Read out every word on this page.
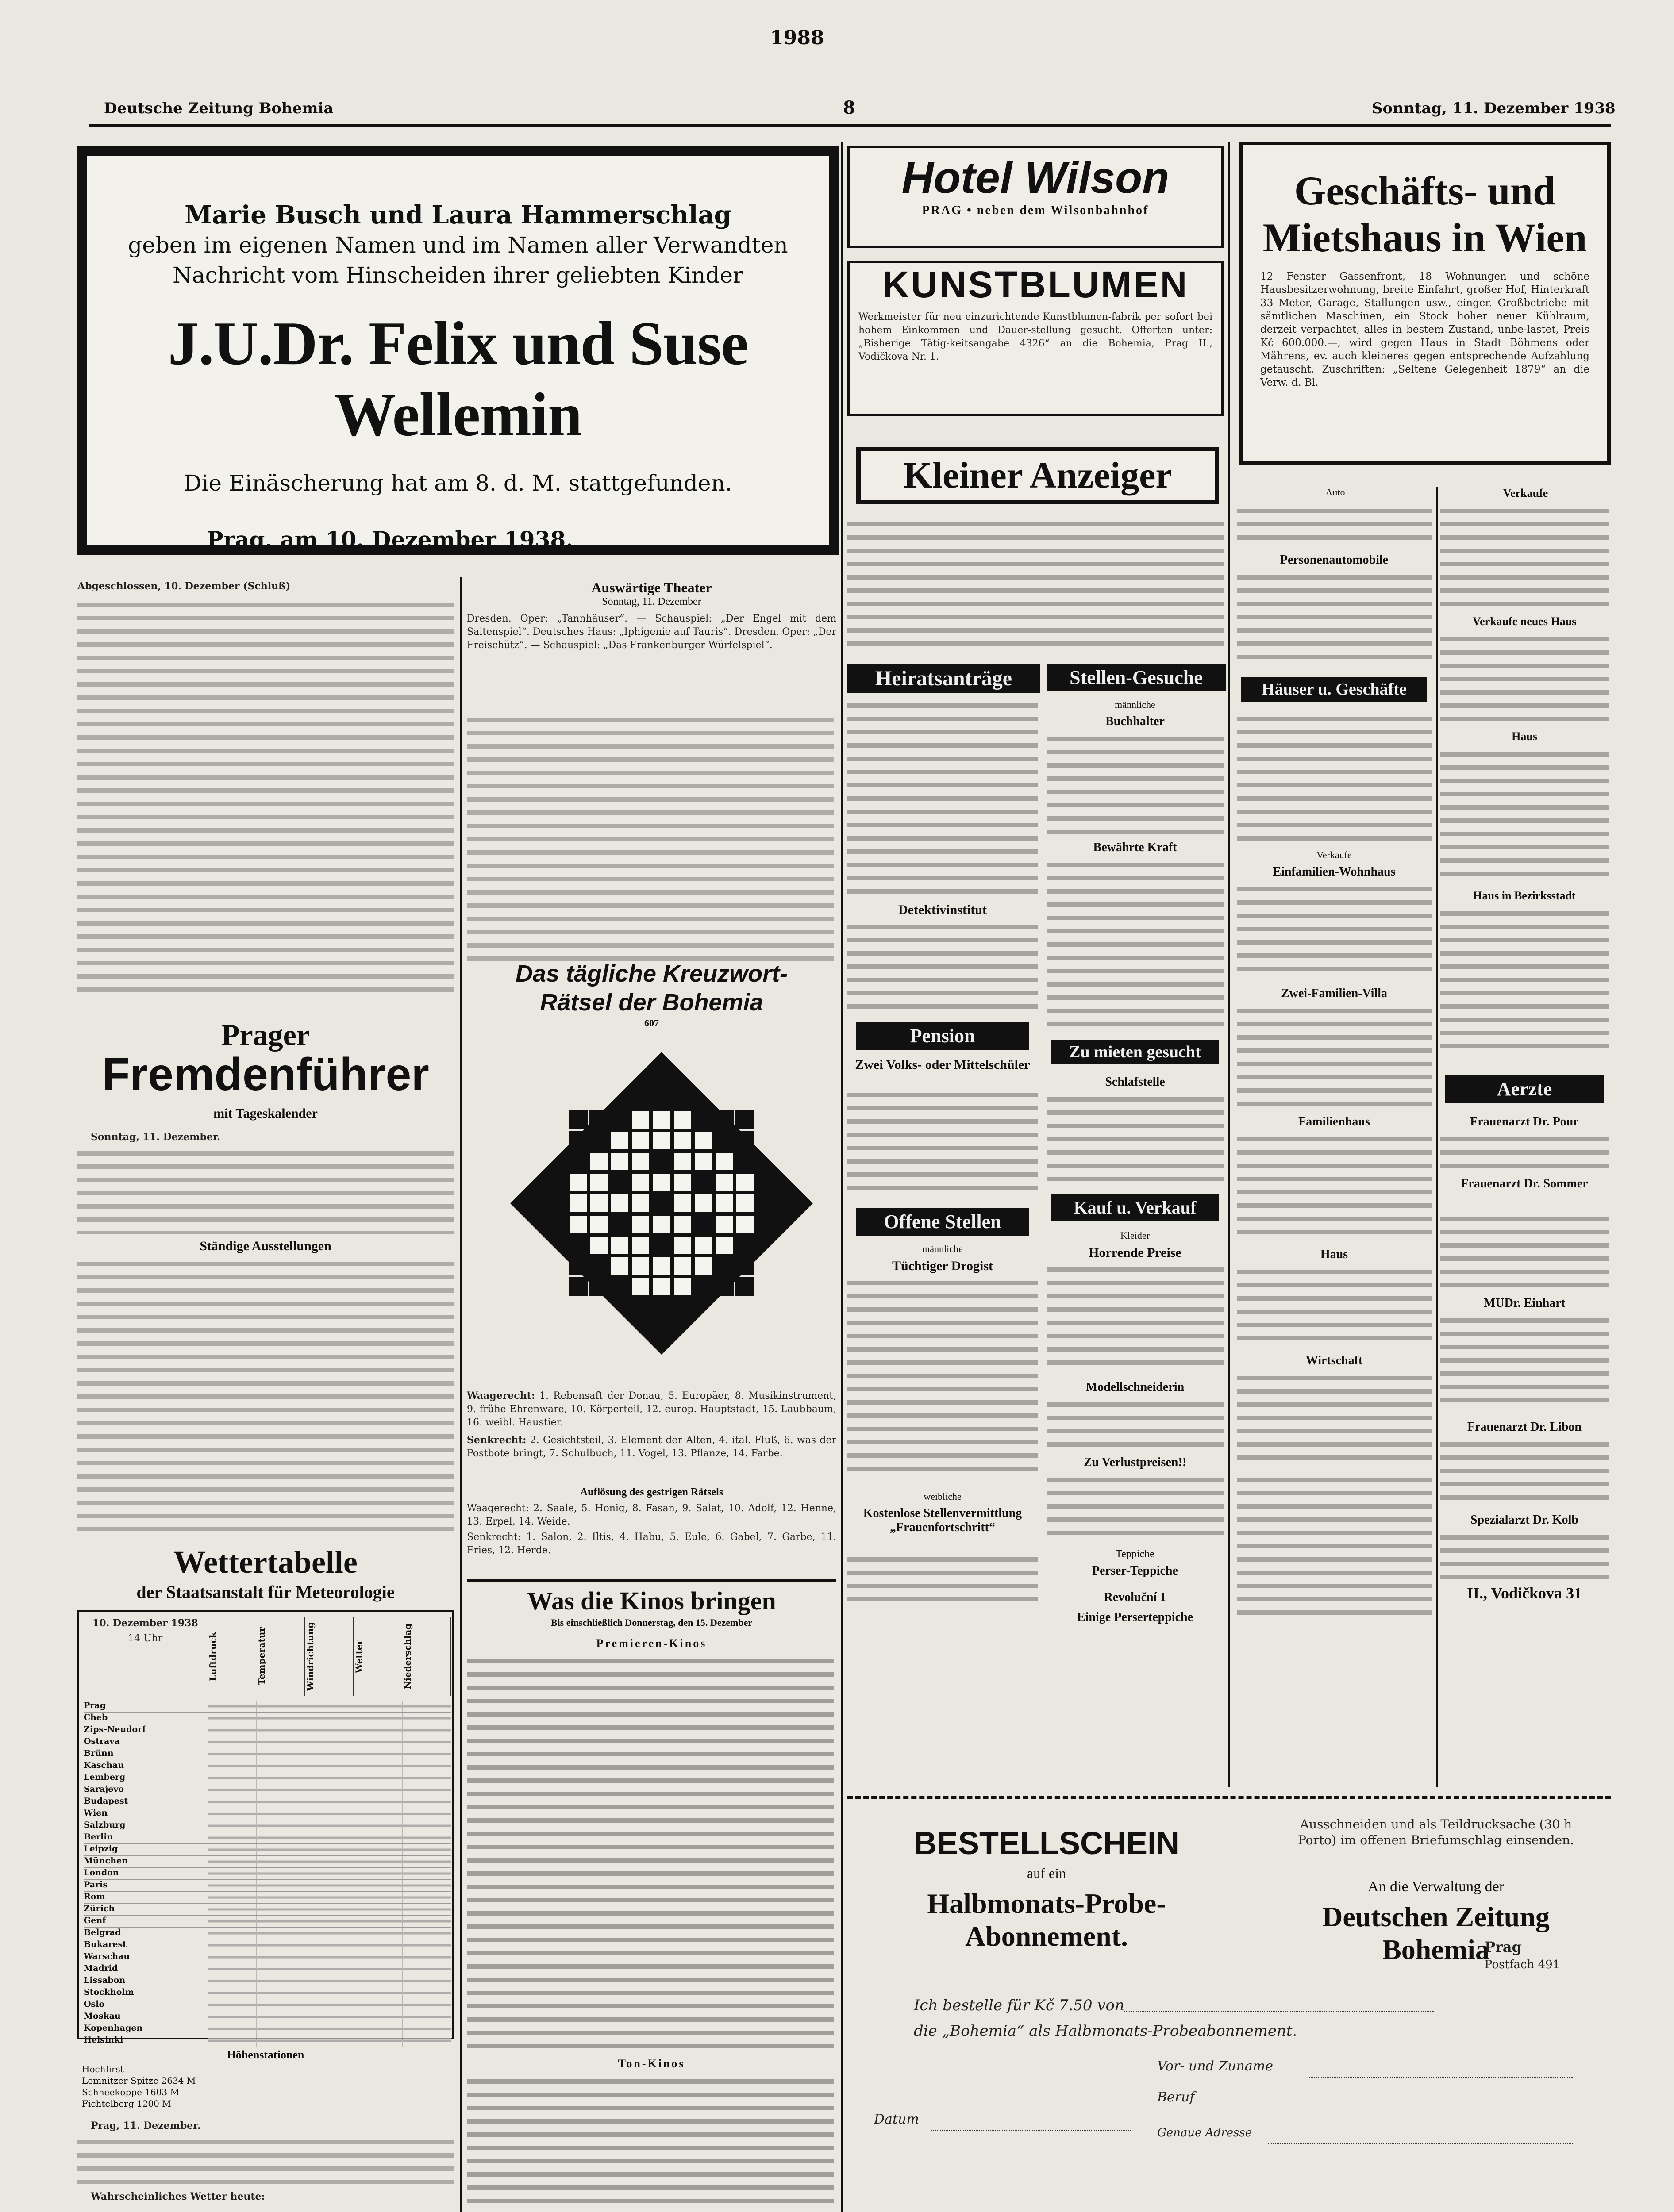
1988
Deutsche Zeitung Bohemia	8	Sonntag, 11. Dezember 1938
Marie Busch und Laura Hammerschlag
geben im eigenen Namen und im Namen aller Verwandten
Nachricht vom Hinscheiden ihrer geliebten Kinder
J.U.Dr. Felix und Suse Wellemin
Die Einäscherung hat am 8. d. M. stattgefunden.
Prag, am 10. Dezember 1938.
Abgeschlossen, 10. Dezember (Schluß)
Prager
Fremdenführer
mit Tageskalender
Sonntag, 11. Dezember.
Ständige Ausstellungen
Wettertabelle
der Staatsanstalt für Meteorologie
10. Dezember 1938
14 Uhr	Luftdruck	Temperatur	Windrichtung	Wetter	Niederschlag
Prag
Cheb
Zips-Neudorf
Ostrava
Brünn
Kaschau
Lemberg
Sarajevo
Budapest
Wien
Salzburg
Berlin
Leipzig
München
London
Paris
Rom
Zürich
Genf
Belgrad
Bukarest
Warschau
Madrid
Lissabon
Stockholm
Oslo
Moskau
Kopenhagen
Helsinki
Höhenstationen
Hochfirst
Lomnitzer Spitze 2634 M
Schneekoppe 1603 M
Fichtelberg 1200 M
Prag, 11. Dezember.
Wahrscheinliches Wetter heute:
Auswärtige Theater
Sonntag, 11. Dezember
Dresden. Oper: „Tannhäuser“. — Schauspiel: „Der Engel mit dem Saitenspiel“. Deutsches Haus: „Iphigenie auf Tauris“. Dresden. Oper: „Der Freischütz“. — Schauspiel: „Das Frankenburger Würfelspiel“.
Das tägliche Kreuzwort-
Rätsel der Bohemia
607
Waagerecht: 1. Rebensaft der Donau, 5. Europäer, 8. Musikinstrument, 9. frühe Ehrenware, 10. Körperteil, 12. europ. Hauptstadt, 15. Laubbaum, 16. weibl. Haustier.
Senkrecht: 2. Gesichtsteil, 3. Element der Alten, 4. ital. Fluß, 6. was der Postbote bringt, 7. Schulbuch, 11. Vogel, 13. Pflanze, 14. Farbe.
Auflösung des gestrigen Rätsels
Waagerecht: 2. Saale, 5. Honig, 8. Fasan, 9. Salat, 10. Adolf, 12. Henne, 13. Erpel, 14. Weide.
Senkrecht: 1. Salon, 2. Iltis, 4. Habu, 5. Eule, 6. Gabel, 7. Garbe, 11. Fries, 12. Herde.
Was die Kinos bringen
Bis einschließlich Donnerstag, den 15. Dezember
Premieren-Kinos
Ton-Kinos
Hotel Wilson
PRAG • neben dem Wilsonbahnhof
KUNSTBLUMEN
Werkmeister für neu einzurichtende Kunstblumen-fabrik per sofort bei hohem Einkommen und Dauer-stellung gesucht. Offerten unter: „Bisherige Tätig-keitsangabe 4326“ an die Bohemia, Prag II., Vodičkova Nr. 1.
Kleiner Anzeiger
Geschäfts- und
Mietshaus in Wien
12 Fenster Gassenfront, 18 Wohnungen und schöne Hausbesitzerwohnung, breite Einfahrt, großer Hof, Hinterkraft 33 Meter, Garage, Stallungen usw., einger. Großbetriebe mit sämtlichen Maschinen, ein Stock hoher neuer Kühlraum, derzeit verpachtet, alles in bestem Zustand, unbe-lastet, Preis Kč 600.000.—, wird gegen Haus in Stadt Böhmens oder Mährens, ev. auch kleineres gegen entsprechende Aufzahlung getauscht. Zuschriften: „Seltene Gelegenheit 1879“ an die Verw. d. Bl.
Heiratsanträge
Detektivinstitut
Pension
Zwei Volks- oder Mittelschüler
Offene Stellen
männliche
Tüchtiger Drogist
weibliche
Kostenlose Stellenvermittlung „Frauenfortschritt“
Stellen-Gesuche
männliche
Buchhalter
Bewährte Kraft
Zu mieten gesucht
Schlafstelle
Kauf u. Verkauf
Kleider
Horrende Preise
Modellschneiderin
Zu Verlustpreisen!!
Teppiche
Perser-Teppiche
Revoluční 1
Einige Perserteppiche
Auto
Personenautomobile
Häuser u. Geschäfte
Verkaufe
Einfamilien-Wohnhaus
Zwei-Familien-Villa
Familienhaus
Haus
Wirtschaft
Verkaufe
Verkaufe neues Haus
Haus
Haus in Bezirksstadt
Aerzte
Frauenarzt Dr. Pour
Frauenarzt Dr. Sommer
MUDr. Einhart
Frauenarzt Dr. Libon
Spezialarzt Dr. Kolb
II., Vodičkova 31
BESTELLSCHEIN
auf ein
Halbmonats-Probe-Abonnement.
Ausschneiden und als Teildrucksache (30 h Porto) im offenen Briefumschlag einsenden.
An die Verwaltung der
Deutschen Zeitung Bohemia
Prag
Postfach 491
Ich bestelle für Kč 7.50 von
die „Bohemia“ als Halbmonats-Probeabonnement.
Vor- und Zuname
Beruf
Datum
Genaue Adresse
